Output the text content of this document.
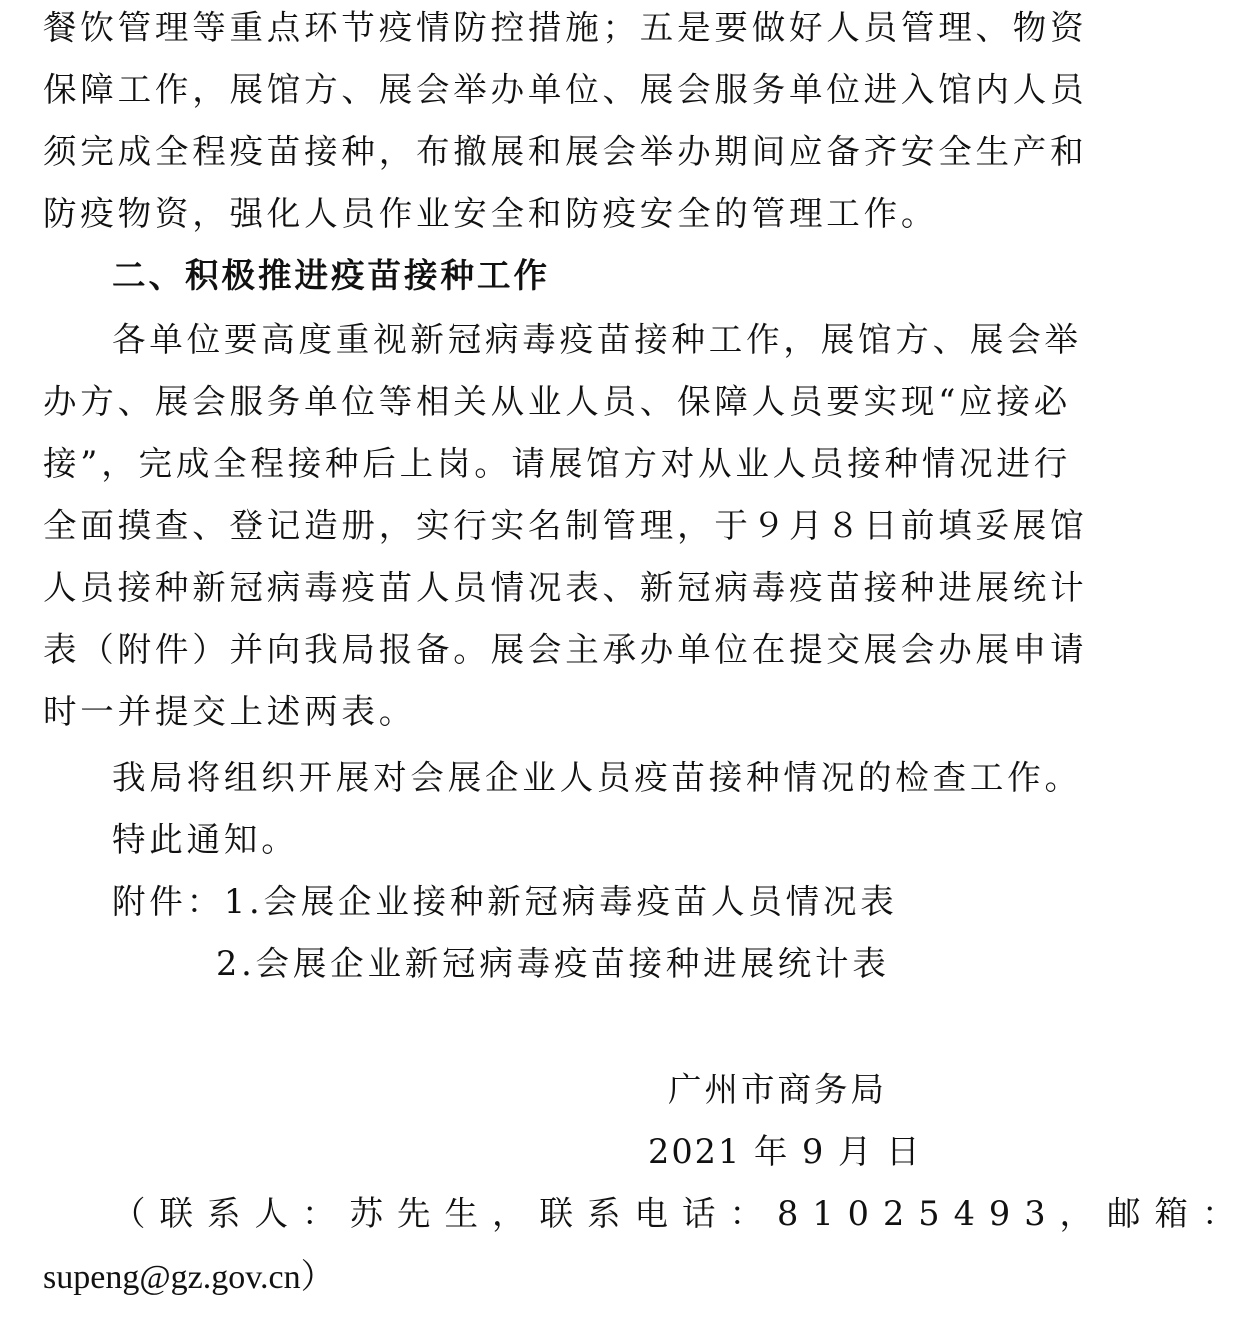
餐饮管理等重点环节疫情防控措施；五是要做好人员管理、物资
保障工作，展馆方、展会举办单位、展会服务单位进入馆内人员
须完成全程疫苗接种，布撤展和展会举办期间应备齐安全生产和
防疫物资，强化人员作业安全和防疫安全的管理工作。
二、积极推进疫苗接种工作
各单位要高度重视新冠病毒疫苗接种工作，展馆方、展会举
办方、展会服务单位等相关从业人员、保障人员要实现“应接必
接”，完成全程接种后上岗。请展馆方对从业人员接种情况进行
全面摸查、登记造册，实行实名制管理，于９月８日前填妥展馆
人员接种新冠病毒疫苗人员情况表、新冠病毒疫苗接种进展统计
表（附件）并向我局报备。展会主承办单位在提交展会办展申请
时一并提交上述两表。
我局将组织开展对会展企业人员疫苗接种情况的检查工作。
特此通知。
附件：1.会展企业接种新冠病毒疫苗人员情况表
2.会展企业新冠病毒疫苗接种进展统计表
广州市商务局
2021 年 9 月 日
（联系人：苏先生，联系电话：81025493，邮箱：
supeng@gz.gov.cn）
